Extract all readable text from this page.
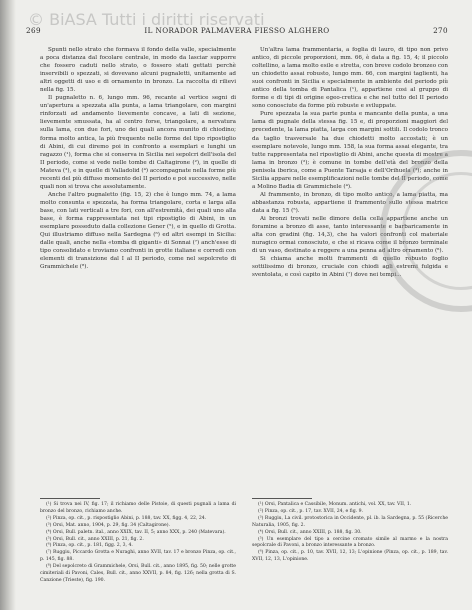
269	IL NORADOR PALMAVERA FIESSO ALGHERO	270

Spunti nello strato che formava il fondo della valle, specialmente a poca distanza dal focolare centrale, in modo da lasciar supporre che fossero caduti nello strato, o fossero stati gettati perchè inservibili o spezzati, si dovevano alcuni pugnaletti, unitamente ad altri oggetti di uso e di ornamento in bronzo. La raccolta di rilievi nella fig. 15.

Il pugnaletto n. 6, lungo mm. 96, recante al vertice segni di un'apertura a spezzata alla punta, a lama triangolare, con margini rinforzati ad andamento lievemente concave, a lati di sezione, lievemente smussata, ha al centro forse, triangolare, a nervatura sulla lama, con due fori, uno dei quali ancora munito di chiodino; forma molto antica, la più frequente nelle forme del tipo ripostiglio di Abini, di cui diremo poi in confronto a esemplari e lunghi un ragazzo (¹), forma che si conserva in Sicilia nei sepolcri dell'isola del II periodo, come si vede nelle tombe di Caltagirone (²), in quelle di Mateva (³), e in quelle di Valladolid (⁴) accompagnate nella forme più recenti del più diffuso momento del II periodo e poi successivo, nelle quali non si trova che assolutamente.

Anche l'altro pugnaletto (fig. 15, 2) che è lungo mm. 74, a lama molto consunta e spezzata, ha forma triangolare, corta e larga alla base, con lati verticali a tre fori, con all'estremità, dei quali uno alla base, è forma rappresentata nei tipi ripostiglio di Abini, in un esemplare posseduto dalla collezione Gener (⁵), e in quello di Grotta. Qui illustriamo diffuso nella Sardegna (⁶) ed altri esempi in Sicilia: dalle quali, anche nella «tomba di giganti» di Sonnai (⁷) anch'esse di tipo consolidato e troviamo confronti in grotte italiane e corredi con elementi di transizione dal I al II periodo, come nel sepolcreto di Grammichele (⁸).

Un'altra lama frammentaria, a foglia di lauro, di tipo non privo antico, di piccole proporzioni, mm. 66, è data a fig. 15, 4; il piccolo coltellino, a lama molto esile e stretta, con breve codolo bronzeo con un chiodetto assai robusto, lungo mm. 66, con margini taglienti, ha suoi confronti in Sicilia e specialmente in ambiente del periodo più antico della tomba di Pantalica (¹), appartiene cosi al gruppo di forme e di tipi di origine egeo-cretica e che nel tutto del II periodo sono conosciute da forme più robuste e sviluppate.

Pure spezzata la sua parte punta e mancante della punta, a una lama di pugnale della stessa fig. 15 e, di proporzioni maggiori del precedente, la lama piatta, larga con margini sottili. Il codolo tronco da taglio trasversale ha due chiodetti molto accostati; è un esemplare notevole, lungo mm. 158, la sua forma assai elegante, tra tutte rappresentata nel ripostiglio di Abini, anche questa di mostre a lama in bronzo (²); è comune in tombe dell'età del bronzo della penisola iberica, come a Puente Tarsaja e dell'Orihuela (³); anche in Sicilia appare nelle esemplificazioni nelle tombe del II periodo, come a Molino Badia di Grammichele (⁴).

Al frammento, in bronzo, di tipo molto antico, a lama piatta, ma abbastanza robusta, appartiene il frammento sullo stessa matrice data a fig. 15 (⁵).

Ai bronzi trovati nelle dimore della cella appartiene anche un foramine a bronzo di asse, tanto interessante e barbaricamente in alta con gradini (fig. 14,3), che ha valori confronti col materiale nuragico ormai conosciuto, e che si ricava come il bronzo terminale di un vaso, destinato a reggere a una penna ad altro ornamento (⁶).

Si chiama anche molti frammenti di quello robusto foglio sottilissimo di bronzo, cruciale con chiodi agli estremi fulgida e sventolata, e così capito in Abini (⁷) dove nei tempi...

(¹) Si trova nei IV, fig. 17; il richiamo delle Pistoie, di questi pugnali a lama di bronzo del bronzo, richiamo anche.

(²) Pinza, op. cit., p. rispostiglio Abini, p. 188, tav. XX, figg. 4, 22, 24.

(³) Orsi, Mat. anno, 1904, p. 29, fig. 34 (Caltagirone).

(⁴) Orsi, Bull. paletn. ital., anno XXIX, tav. II, 5; anno XXX, p. 240 (Matevara).

(⁵) Orsi, Bull. cit., anno XXIII, p. 21, fig. 2.

(⁶) Pinza, op. cit., p. 181, figg. 2, 3, 4.

(⁷) Ruggiu, Piccardo Grotta e Nuraghi, anno XVII, tav. 17 e bronzo Pinza, op. cit., p. 145, fig. 88.

(⁸) Del sepolcreto di Grammichele, Orsi, Bull. cit., anno 1895, fig. 50; nelle grotte cimiteriali di Pavoni, Cales, Bull. cit., anno XXVII, p. 84, fig. 126; nella grotta di S. Canzione (Trieste), fig. 190.

(¹) Orsi, Pantalica e Cassibile, Monum. antichi, vol. XX, tav. VII, 1.

(²) Pinza, op. cit., p. 17, tav. XVII, 24, e fig. 9.

(³) Ruggiu, La civil. protostorica in Occidente, pl. ib. la Sardegna, p. 55 (Ricerche Naturalia, 1905, fig. 2.

(⁴) Orsi, Bull. cit., anno XXIII, p. 188, fig. 30.

(⁵) Un esemplare del tipo a cercine cromato simile al marmo e la nostra sepolcrale di Pavoni, a bronzo interessante a bronzo.

(⁶) Pinza, op. cit., p. 10, tav. XVII, 12, 13; L'opinione (Pinza, op. cit., p. 189, tav. XVII, 12, 13, L'opinione.

© BiASA Tutti i diritti riservati
